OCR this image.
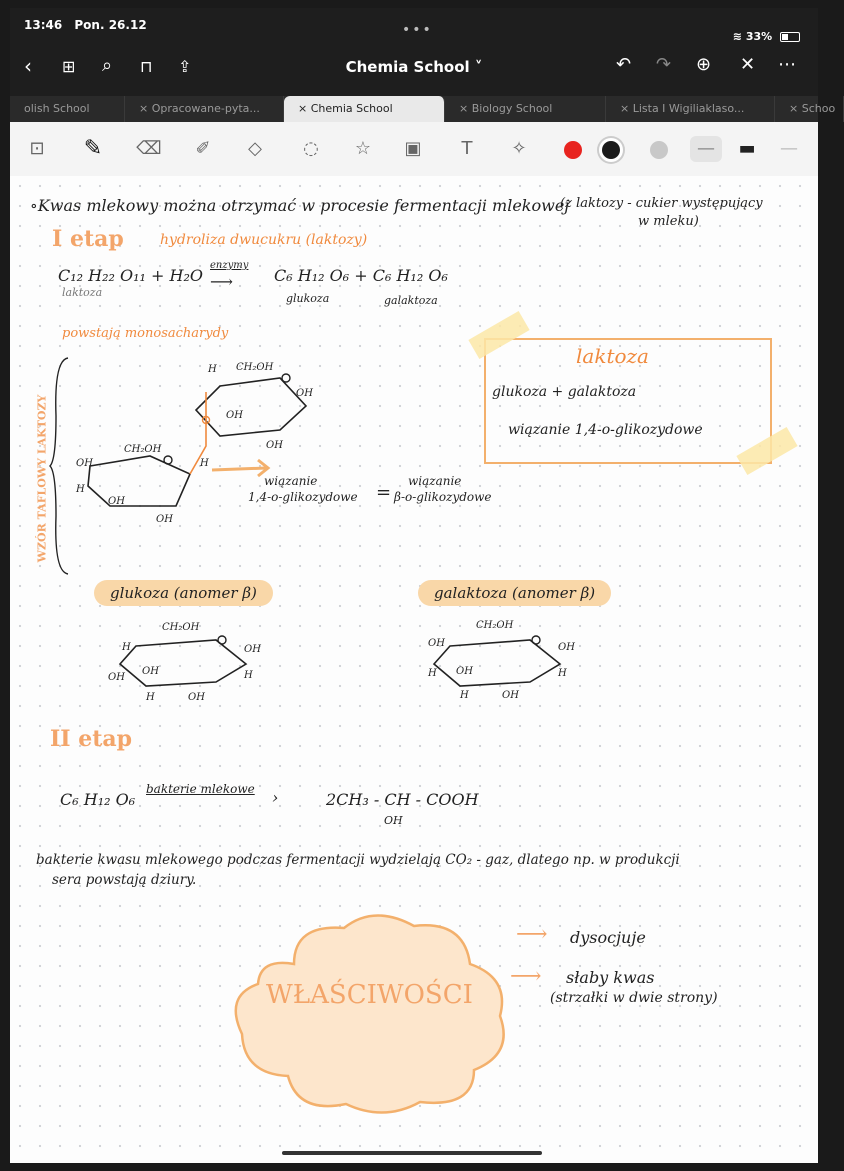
13:46 Pon. 26.12	•••	≋ 33%
‹ ⊞ ⌕ ⊓ ⇪	Chemia School ˅	↶ ↷ ⊕ ✕ ⋯
olish School	× Opracowane-pyta...	× Chemia School	× Biology School	× Lista I Wigiliaklaso...	× Schoo
⊡ ✎ ⌫	✐	◇	◌ ☆ ▣	T	✧	—	▬ —
∘Kwas mlekowy można otrzymać w procesie fermentacji mlekowej
(z laktozy - cukier występujący
w mleku)
I etap	hydroliza dwucukru (laktozy)
C₁₂ H₂₂ O₁₁ + H₂O
enzymy
⟶	C₆ H₁₂ O₆ + C₆ H₁₂ O₆
laktoza	glukoza	galaktoza
powstają monosacharydy
WZÓR TAFLOWY LAKTOZY
CH₂OH
OH
OH
OH
CH₂OH
OH
OH
OH
H
H
H
wiązanie
1,4-o-glikozydowe =
wiązanie
β-o-glikozydowe
laktoza
glukoza + galaktoza
wiązanie 1,4-o-glikozydowe
glukoza (anomer β)	galaktoza (anomer β)
CH₂OH
OH
OH
OH
OH
H
H
H
CH₂OH
OH
OH
OH
OH
H	H
H
II etap
C₆ H₁₂ O₆
bakterie mlekowe ›	2CH₃ - CH - COOH
OH
bakterie kwasu mlekowego podczas fermentacji wydzielają CO₂ - gaz, dlatego np. w produkcji
sera powstają dziury.
WŁAŚCIWOŚCI
⟶ dysocjuje
⟶ słaby kwas
(strzałki w dwie strony)
